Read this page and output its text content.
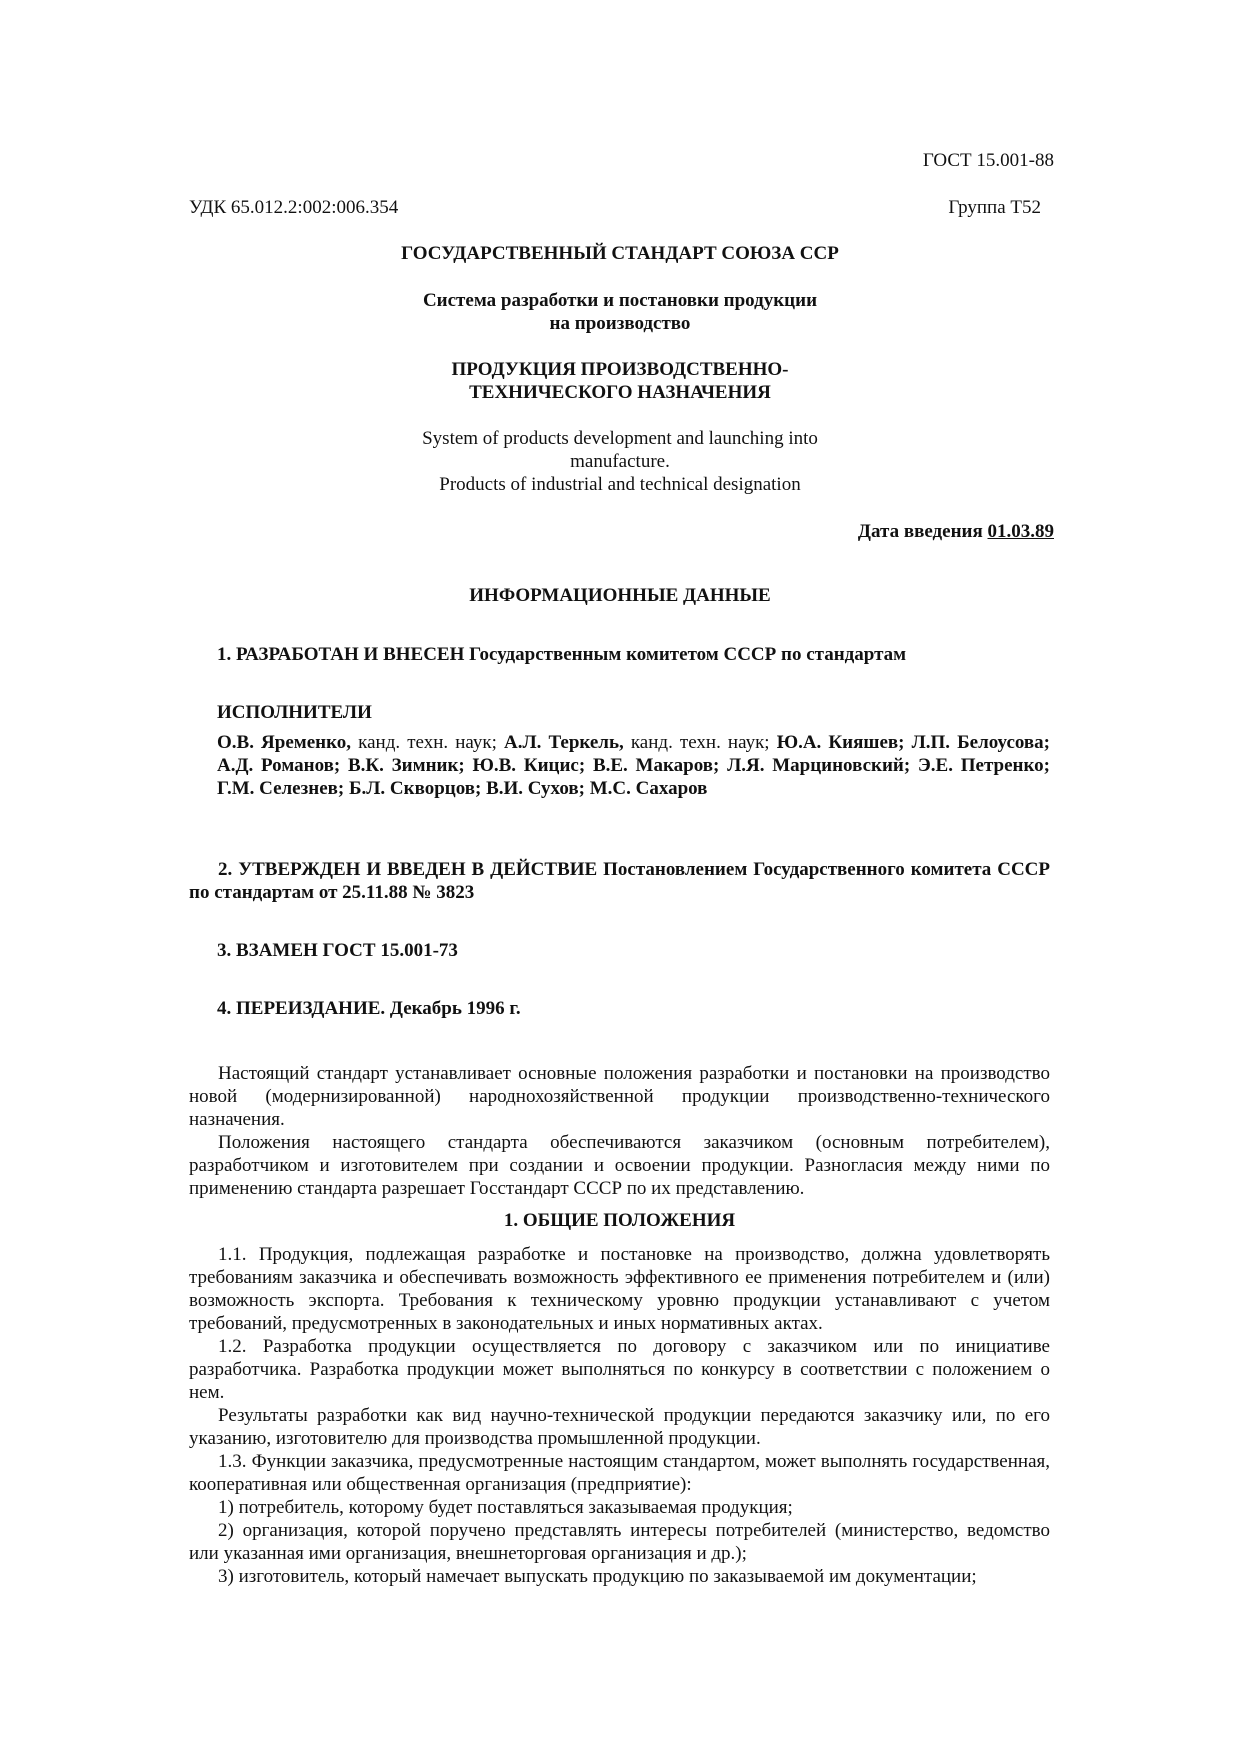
ГОСТ 15.001-88
УДК 65.012.2:002:006.354	Группа Т52
ГОСУДАРСТВЕННЫЙ СТАНДАРТ СОЮЗА ССР
Система разработки и постановки продукции
на производство
ПРОДУКЦИЯ ПРОИЗВОДСТВЕННО-
ТЕХНИЧЕСКОГО НАЗНАЧЕНИЯ
System of products development and launching into
manufacture.
Products of industrial and technical designation
Дата введения 01.03.89
ИНФОРМАЦИОННЫЕ ДАННЫЕ
1. РАЗРАБОТАН И ВНЕСЕН Государственным комитетом СССР по стандартам
ИСПОЛНИТЕЛИ
О.В. Яременко, канд. техн. наук; А.Л. Теркель, канд. техн. наук; Ю.А. Кияшев; Л.П. Белоусова; А.Д. Романов; В.К. Зимник; Ю.В. Кицис; В.Е. Макаров; Л.Я. Марциновский; Э.Е. Петренко; Г.М. Селезнев; Б.Л. Скворцов; В.И. Сухов; М.С. Сахаров

2. УТВЕРЖДЕН И ВВЕДЕН В ДЕЙСТВИЕ Постановлением Государственного комитета СССР по стандартам от 25.11.88 № 3823

3. ВЗАМЕН ГОСТ 15.001-73
4. ПЕРЕИЗДАНИЕ. Декабрь 1996 г.

Настоящий стандарт устанавливает основные положения разработки и постановки на производство новой (модернизированной) народнохозяйственной продукции производственно-технического назначения.

Положения настоящего стандарта обеспечиваются заказчиком (основным потребителем), разработчиком и изготовителем при создании и освоении продукции. Разногласия между ними по применению стандарта разрешает Госстандарт СССР по их представлению.

1. ОБЩИЕ ПОЛОЖЕНИЯ

1.1. Продукция, подлежащая разработке и постановке на производство, должна удовлетворять требованиям заказчика и обеспечивать возможность эффективного ее применения потребителем и (или) возможность экспорта. Требования к техническому уровню продукции устанавливают с учетом требований, предусмотренных в законодательных и иных нормативных актах.

1.2. Разработка продукции осуществляется по договору с заказчиком или по инициативе разработчика. Разработка продукции может выполняться по конкурсу в соответствии с положением о нем.

Результаты разработки как вид научно-технической продукции передаются заказчику или, по его указанию, изготовителю для производства промышленной продукции.

1.3. Функции заказчика, предусмотренные настоящим стандартом, может выполнять государственная, кооперативная или общественная организация (предприятие):

1) потребитель, которому будет поставляться заказываемая продукция;

2) организация, которой поручено представлять интересы потребителей (министерство, ведомство или указанная ими организация, внешнеторговая организация и др.);

3) изготовитель, который намечает выпускать продукцию по заказываемой им документации;
